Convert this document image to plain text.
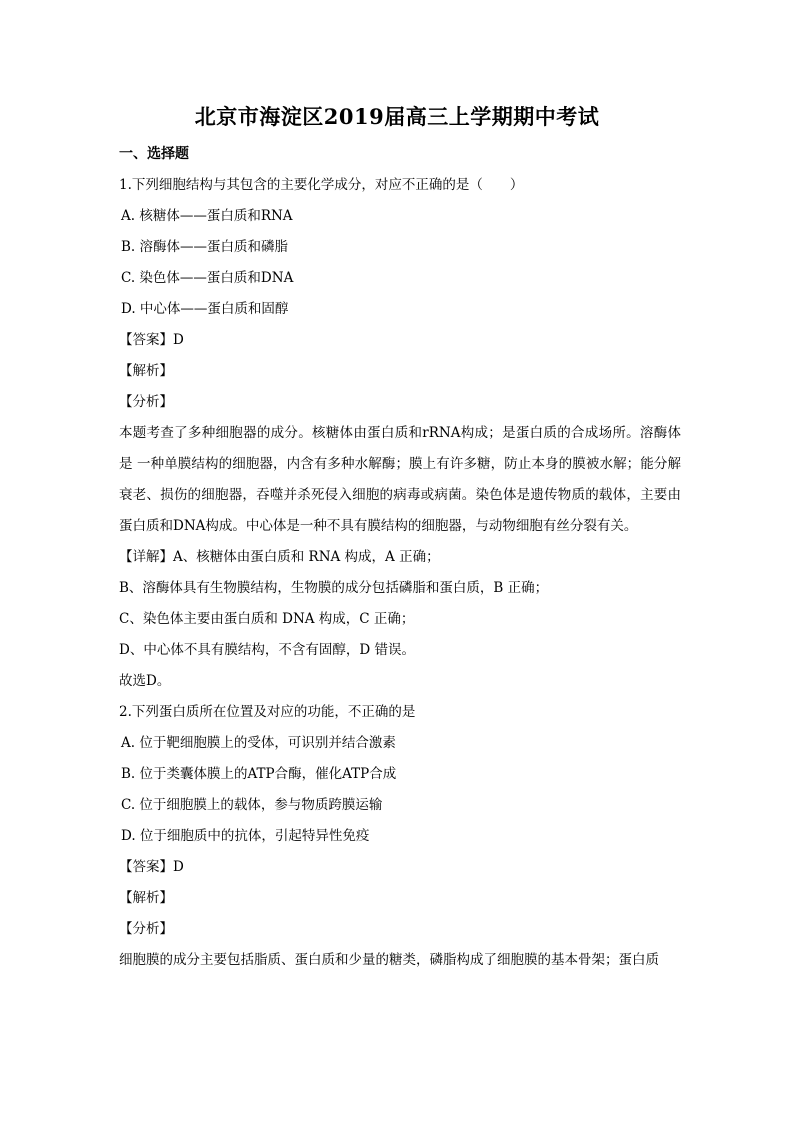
北京市海淀区2019届高三上学期期中考试
一、选择题
1.下列细胞结构与其包含的主要化学成分，对应不正确的是（　　）
A. 核糖体——蛋白质和RNA
B. 溶酶体——蛋白质和磷脂
C. 染色体——蛋白质和DNA
D. 中心体——蛋白质和固醇
【答案】D
【解析】
【分析】
本题考查了多种细胞器的成分。核糖体由蛋白质和rRNA构成；是蛋白质的合成场所。溶酶体是 一种单膜结构的细胞器，内含有多种水解酶；膜上有许多糖，防止本身的膜被水解；能分解衰老、损伤的细胞器，吞噬并杀死侵入细胞的病毒或病菌。染色体是遗传物质的载体，主要由蛋白质和DNA构成。中心体是一种不具有膜结构的细胞器，与动物细胞有丝分裂有关。
【详解】A、核糖体由蛋白质和 RNA 构成，A 正确；
B、溶酶体具有生物膜结构，生物膜的成分包括磷脂和蛋白质，B 正确；
C、染色体主要由蛋白质和 DNA 构成，C 正确；
D、中心体不具有膜结构，不含有固醇，D 错误。
故选D。
2.下列蛋白质所在位置及对应的功能，不正确的是
A. 位于靶细胞膜上的受体，可识别并结合激素
B. 位于类囊体膜上的ATP合酶，催化ATP合成
C. 位于细胞膜上的载体，参与物质跨膜运输
D. 位于细胞质中的抗体，引起特异性免疫
【答案】D
【解析】
【分析】
细胞膜的成分主要包括脂质、蛋白质和少量的糖类，磷脂构成了细胞膜的基本骨架；蛋白质
